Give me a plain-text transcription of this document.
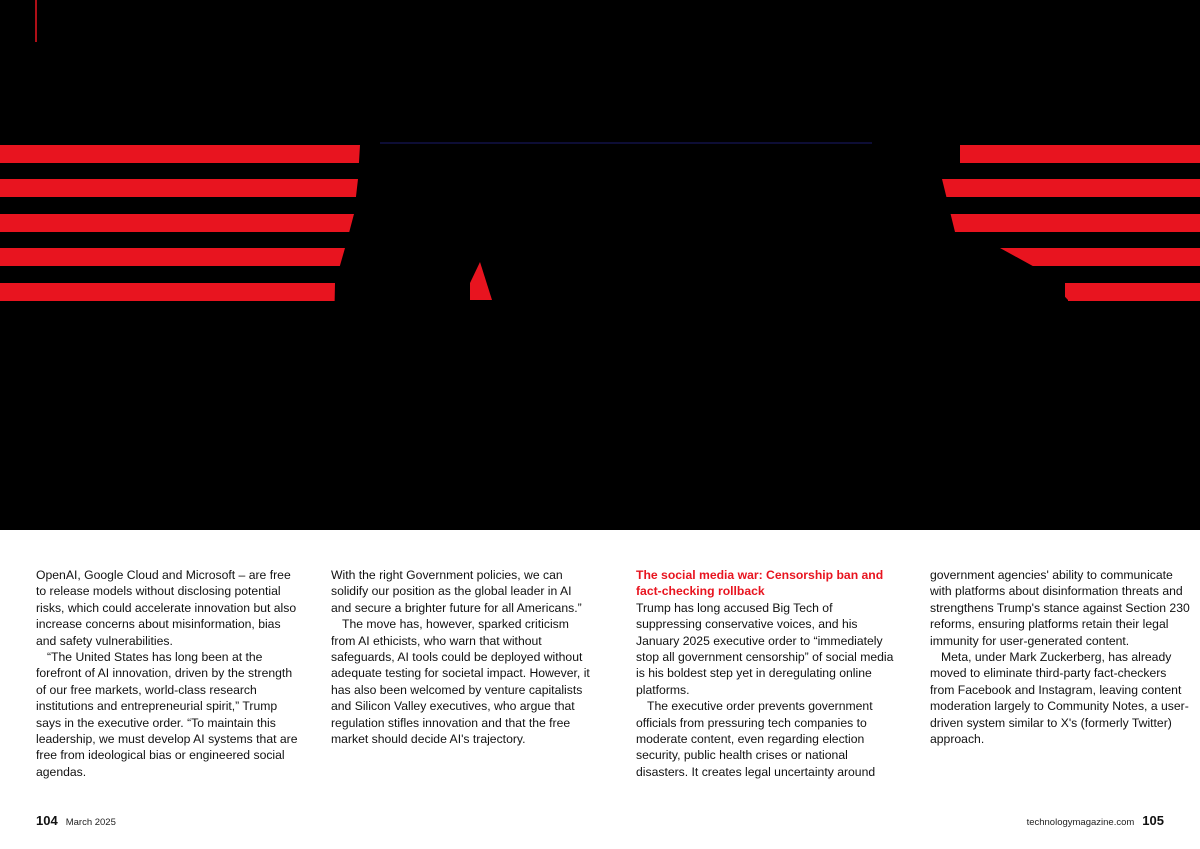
OpenAI, Google Cloud and Microsoft – are free to release models without disclosing potential risks, which could accelerate innovation but also increase concerns about misinformation, bias and safety vulnerabilities.

“The United States has long been at the forefront of AI innovation, driven by the strength of our free markets, world-class research institutions and entrepreneurial spirit,” Trump says in the executive order. “To maintain this leadership, we must develop AI systems that are free from ideological bias or engineered social agendas.

With the right Government policies, we can solidify our position as the global leader in AI and secure a brighter future for all Americans.”

The move has, however, sparked criticism from AI ethicists, who warn that without safeguards, AI tools could be deployed without adequate testing for societal impact. However, it has also been welcomed by venture capitalists and Silicon Valley executives, who argue that regulation stifles innovation and that the free market should decide AI's trajectory.

The social media war: Censorship ban and fact-checking rollback

Trump has long accused Big Tech of suppressing conservative voices, and his January 2025 executive order to “immediately stop all government censorship” of social media is his boldest step yet in deregulating online platforms.

The executive order prevents government officials from pressuring tech companies to moderate content, even regarding election security, public health crises or national disasters. It creates legal uncertainty around

government agencies' ability to communicate with platforms about disinformation threats and strengthens Trump's stance against Section 230 reforms, ensuring platforms retain their legal immunity for user-generated content.

Meta, under Mark Zuckerberg, has already moved to eliminate third-party fact-checkers from Facebook and Instagram, leaving content moderation largely to Community Notes, a user-driven system similar to X's (formerly Twitter) approach.

104 March 2025	technologymagazine.com 105
